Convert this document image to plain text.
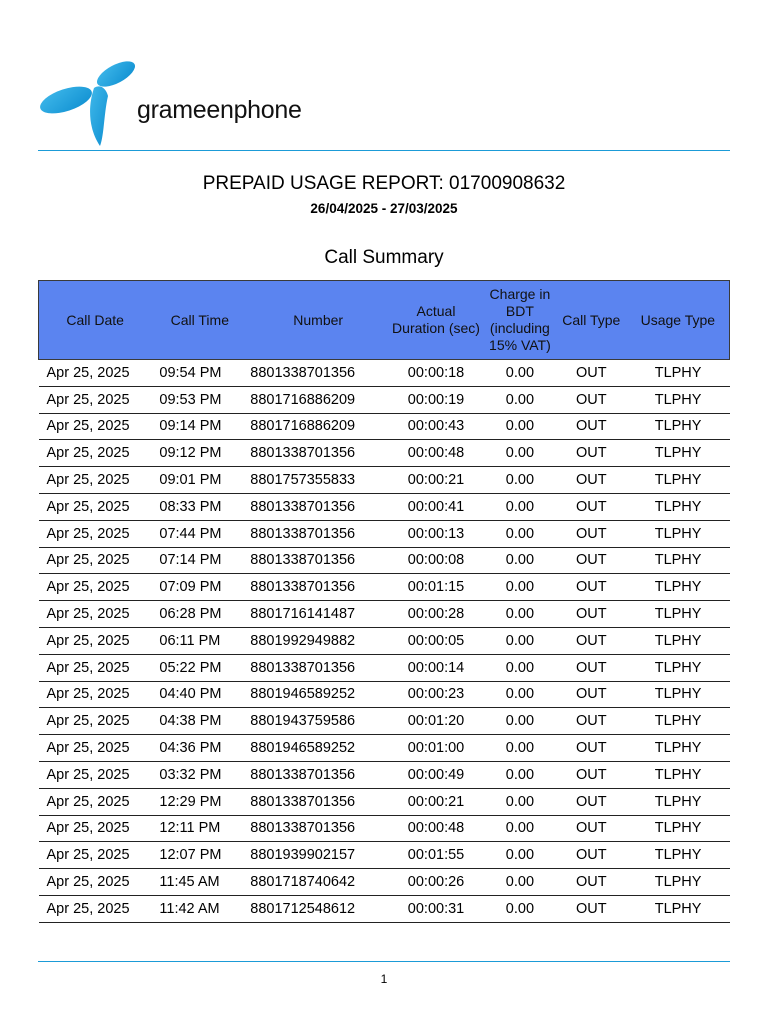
grameenphone
PREPAID USAGE REPORT: 01700908632
26/04/2025 - 27/03/2025
Call Summary
Call Date	Call Time	Number	Actual Duration (sec)	Charge in BDT (including 15% VAT)	Call Type	Usage Type
Apr 25, 2025	09:54 PM	8801338701356	00:00:18	0.00	OUT	TLPHY
Apr 25, 2025	09:53 PM	8801716886209	00:00:19	0.00	OUT	TLPHY
Apr 25, 2025	09:14 PM	8801716886209	00:00:43	0.00	OUT	TLPHY
Apr 25, 2025	09:12 PM	8801338701356	00:00:48	0.00	OUT	TLPHY
Apr 25, 2025	09:01 PM	8801757355833	00:00:21	0.00	OUT	TLPHY
Apr 25, 2025	08:33 PM	8801338701356	00:00:41	0.00	OUT	TLPHY
Apr 25, 2025	07:44 PM	8801338701356	00:00:13	0.00	OUT	TLPHY
Apr 25, 2025	07:14 PM	8801338701356	00:00:08	0.00	OUT	TLPHY
Apr 25, 2025	07:09 PM	8801338701356	00:01:15	0.00	OUT	TLPHY
Apr 25, 2025	06:28 PM	8801716141487	00:00:28	0.00	OUT	TLPHY
Apr 25, 2025	06:11 PM	8801992949882	00:00:05	0.00	OUT	TLPHY
Apr 25, 2025	05:22 PM	8801338701356	00:00:14	0.00	OUT	TLPHY
Apr 25, 2025	04:40 PM	8801946589252	00:00:23	0.00	OUT	TLPHY
Apr 25, 2025	04:38 PM	8801943759586	00:01:20	0.00	OUT	TLPHY
Apr 25, 2025	04:36 PM	8801946589252	00:01:00	0.00	OUT	TLPHY
Apr 25, 2025	03:32 PM	8801338701356	00:00:49	0.00	OUT	TLPHY
Apr 25, 2025	12:29 PM	8801338701356	00:00:21	0.00	OUT	TLPHY
Apr 25, 2025	12:11 PM	8801338701356	00:00:48	0.00	OUT	TLPHY
Apr 25, 2025	12:07 PM	8801939902157	00:01:55	0.00	OUT	TLPHY
Apr 25, 2025	11:45 AM	8801718740642	00:00:26	0.00	OUT	TLPHY
Apr 25, 2025	11:42 AM	8801712548612	00:00:31	0.00	OUT	TLPHY
1
